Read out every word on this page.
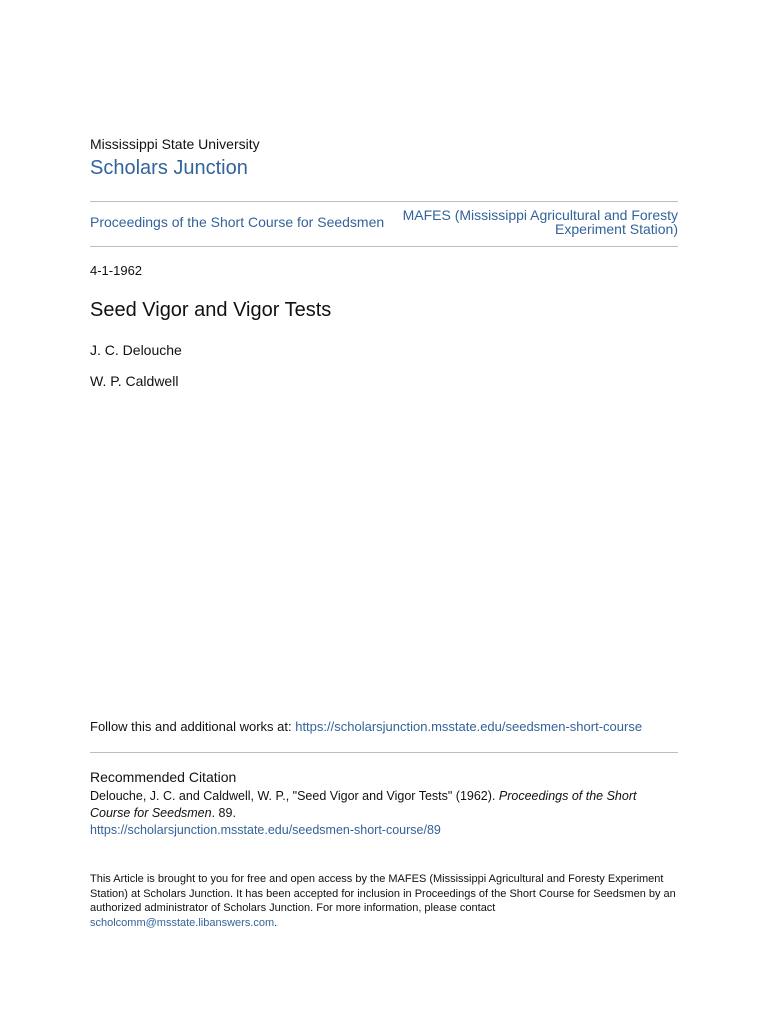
Mississippi State University
Scholars Junction
Proceedings of the Short Course for Seedsmen	MAFES (Mississippi Agricultural and Foresty
Experiment Station)
4-1-1962
Seed Vigor and Vigor Tests
J. C. Delouche
W. P. Caldwell
Follow this and additional works at: https://scholarsjunction.msstate.edu/seedsmen-short-course
Recommended Citation
Delouche, J. C. and Caldwell, W. P., "Seed Vigor and Vigor Tests" (1962). Proceedings of the Short Course for Seedsmen. 89.
https://scholarsjunction.msstate.edu/seedsmen-short-course/89
This Article is brought to you for free and open access by the MAFES (Mississippi Agricultural and Foresty Experiment Station) at Scholars Junction. It has been accepted for inclusion in Proceedings of the Short Course for Seedsmen by an authorized administrator of Scholars Junction. For more information, please contact scholcomm@msstate.libanswers.com.
